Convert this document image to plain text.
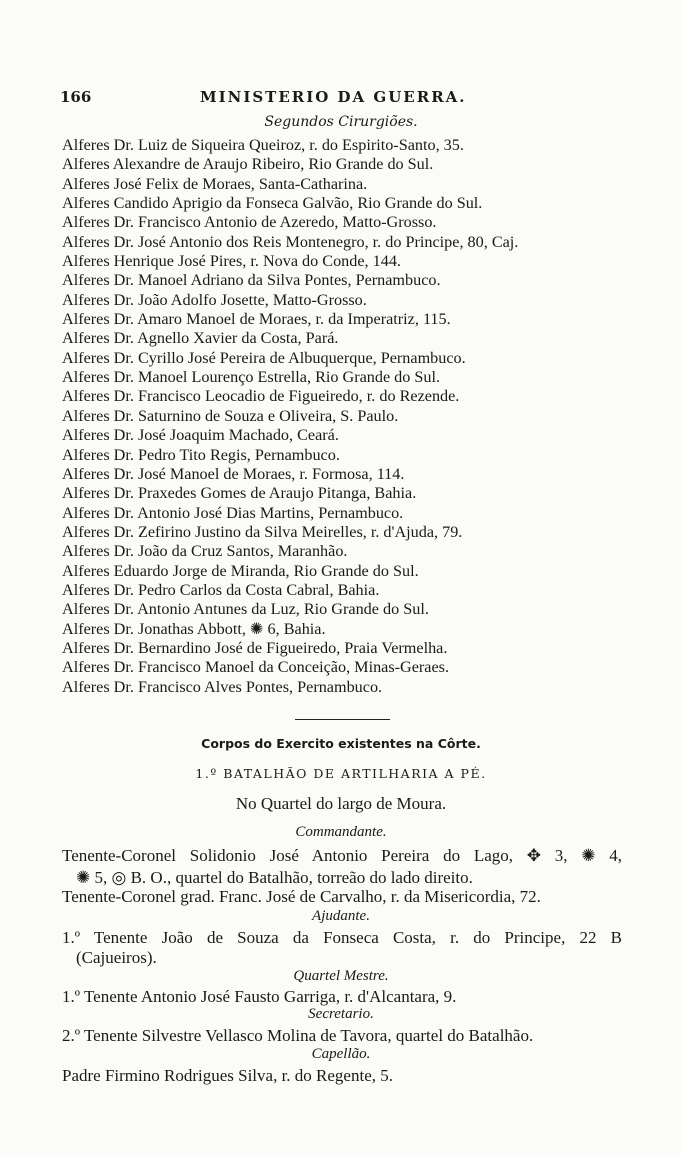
166	MINISTERIO DA GUERRA.
Segundos Cirurgiões.
Alferes Dr. Luiz de Siqueira Queiroz, r. do Espirito-Santo, 35.
Alferes Alexandre de Araujo Ribeiro, Rio Grande do Sul.
Alferes José Felix de Moraes, Santa-Catharina.
Alferes Candido Aprigio da Fonseca Galvão, Rio Grande do Sul.
Alferes Dr. Francisco Antonio de Azeredo, Matto-Grosso.
Alferes Dr. José Antonio dos Reis Montenegro, r. do Principe, 80, Caj.
Alferes Henrique José Pires, r. Nova do Conde, 144.
Alferes Dr. Manoel Adriano da Silva Pontes, Pernambuco.
Alferes Dr. João Adolfo Josette, Matto-Grosso.
Alferes Dr. Amaro Manoel de Moraes, r. da Imperatriz, 115.
Alferes Dr. Agnello Xavier da Costa, Pará.
Alferes Dr. Cyrillo José Pereira de Albuquerque, Pernambuco.
Alferes Dr. Manoel Lourenço Estrella, Rio Grande do Sul.
Alferes Dr. Francisco Leocadio de Figueiredo, r. do Rezende.
Alferes Dr. Saturnino de Souza e Oliveira, S. Paulo.
Alferes Dr. José Joaquim Machado, Ceará.
Alferes Dr. Pedro Tito Regis, Pernambuco.
Alferes Dr. José Manoel de Moraes, r. Formosa, 114.
Alferes Dr. Praxedes Gomes de Araujo Pitanga, Bahia.
Alferes Dr. Antonio José Dias Martins, Pernambuco.
Alferes Dr. Zefirino Justino da Silva Meirelles, r. d'Ajuda, 79.
Alferes Dr. João da Cruz Santos, Maranhão.
Alferes Eduardo Jorge de Miranda, Rio Grande do Sul.
Alferes Dr. Pedro Carlos da Costa Cabral, Bahia.
Alferes Dr. Antonio Antunes da Luz, Rio Grande do Sul.
Alferes Dr. Jonathas Abbott, ✺ 6, Bahia.
Alferes Dr. Bernardino José de Figueiredo, Praia Vermelha.
Alferes Dr. Francisco Manoel da Conceição, Minas-Geraes.
Alferes Dr. Francisco Alves Pontes, Pernambuco.
Corpos do Exercito existentes na Côrte.
1.º BATALHÃO DE ARTILHARIA A PÉ.
No Quartel do largo de Moura.
Commandante.
Tenente-Coronel Solidonio José Antonio Pereira do Lago, ✥ 3, ✺ 4,
✺ 5, ◎ B. O., quartel do Batalhão, torreão do lado direito.
Tenente-Coronel grad. Franc. José de Carvalho, r. da Misericordia, 72.
Ajudante.
1.º Tenente João de Souza da Fonseca Costa, r. do Principe, 22 B
(Cajueiros).
Quartel Mestre.
1.º Tenente Antonio José Fausto Garriga, r. d'Alcantara, 9.
Secretario.
2.º Tenente Silvestre Vellasco Molina de Tavora, quartel do Batalhão.
Capellão.
Padre Firmino Rodrigues Silva, r. do Regente, 5.
